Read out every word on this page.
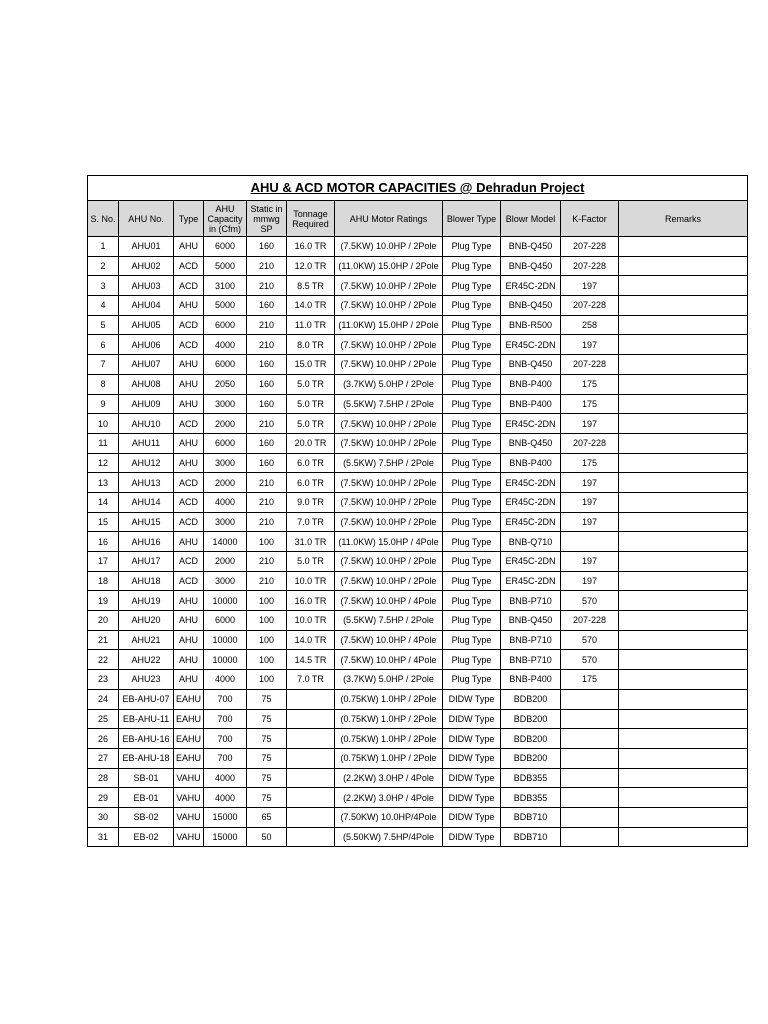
AHU & ACD MOTOR CAPACITIES @ Dehradun Project										
S. No.	AHU No.	Type	AHU Capacity in (Cfm)	Static in mmwg SP	Tonnage Required	AHU Motor Ratings	Blower Type	Blowr Model	K-Factor	Remarks
1	AHU01	AHU	6000	160	16.0 TR	(7.5KW) 10.0HP / 2Pole	Plug Type	BNB-Q450	207-228	
2	AHU02	ACD	5000	210	12.0 TR	(11.0KW) 15.0HP / 2Pole	Plug Type	BNB-Q450	207-228	
3	AHU03	ACD	3100	210	8.5 TR	(7.5KW) 10.0HP / 2Pole	Plug Type	ER45C-2DN	197	
4	AHU04	AHU	5000	160	14.0 TR	(7.5KW) 10.0HP / 2Pole	Plug Type	BNB-Q450	207-228	
5	AHU05	ACD	6000	210	11.0 TR	(11.0KW) 15.0HP / 2Pole	Plug Type	BNB-R500	258	
6	AHU06	ACD	4000	210	8.0 TR	(7.5KW) 10.0HP / 2Pole	Plug Type	ER45C-2DN	197	
7	AHU07	AHU	6000	160	15.0 TR	(7.5KW) 10.0HP / 2Pole	Plug Type	BNB-Q450	207-228	
8	AHU08	AHU	2050	160	5.0 TR	(3.7KW) 5.0HP / 2Pole	Plug Type	BNB-P400	175	
9	AHU09	AHU	3000	160	5.0 TR	(5.5KW) 7.5HP / 2Pole	Plug Type	BNB-P400	175	
10	AHU10	ACD	2000	210	5.0 TR	(7.5KW) 10.0HP / 2Pole	Plug Type	ER45C-2DN	197	
11	AHU11	AHU	6000	160	20.0 TR	(7.5KW) 10.0HP / 2Pole	Plug Type	BNB-Q450	207-228	
12	AHU12	AHU	3000	160	6.0 TR	(5.5KW) 7.5HP / 2Pole	Plug Type	BNB-P400	175	
13	AHU13	ACD	2000	210	6.0 TR	(7.5KW) 10.0HP / 2Pole	Plug Type	ER45C-2DN	197	
14	AHU14	ACD	4000	210	9.0 TR	(7.5KW) 10.0HP / 2Pole	Plug Type	ER45C-2DN	197	
15	AHU15	ACD	3000	210	7.0 TR	(7.5KW) 10.0HP / 2Pole	Plug Type	ER45C-2DN	197	
16	AHU16	AHU	14000	100	31.0 TR	(11.0KW) 15.0HP / 4Pole	Plug Type	BNB-Q710		
17	AHU17	ACD	2000	210	5.0 TR	(7.5KW) 10.0HP / 2Pole	Plug Type	ER45C-2DN	197	
18	AHU18	ACD	3000	210	10.0 TR	(7.5KW) 10.0HP / 2Pole	Plug Type	ER45C-2DN	197	
19	AHU19	AHU	10000	100	16.0 TR	(7.5KW) 10.0HP / 4Pole	Plug Type	BNB-P710	570	
20	AHU20	AHU	6000	100	10.0 TR	(5.5KW) 7.5HP / 2Pole	Plug Type	BNB-Q450	207-228	
21	AHU21	AHU	10000	100	14.0 TR	(7.5KW) 10.0HP / 4Pole	Plug Type	BNB-P710	570	
22	AHU22	AHU	10000	100	14.5 TR	(7.5KW) 10.0HP / 4Pole	Plug Type	BNB-P710	570	
23	AHU23	AHU	4000	100	7.0 TR	(3.7KW) 5.0HP / 2Pole	Plug Type	BNB-P400	175	
24	EB-AHU-07	EAHU	700	75		(0.75KW) 1.0HP / 2Pole	DIDW Type	BDB200		
25	EB-AHU-11	EAHU	700	75		(0.75KW) 1.0HP / 2Pole	DIDW Type	BDB200		
26	EB-AHU-16	EAHU	700	75		(0.75KW) 1.0HP / 2Pole	DIDW Type	BDB200		
27	EB-AHU-18	EAHU	700	75		(0.75KW) 1.0HP / 2Pole	DIDW Type	BDB200		
28	SB-01	VAHU	4000	75		(2.2KW) 3.0HP / 4Pole	DIDW Type	BDB355		
29	EB-01	VAHU	4000	75		(2.2KW) 3.0HP / 4Pole	DIDW Type	BDB355		
30	SB-02	VAHU	15000	65		(7.50KW) 10.0HP/4Pole	DIDW Type	BDB710		
31	EB-02	VAHU	15000	50		(5.50KW) 7.5HP/4Pole	DIDW Type	BDB710		
